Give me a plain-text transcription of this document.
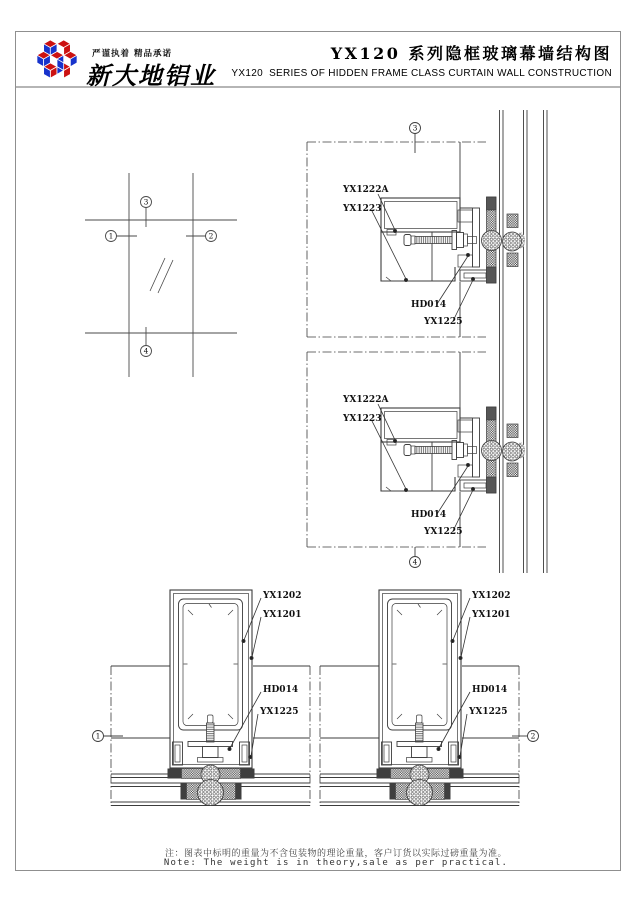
严谨执着 精品承诺
新大地铝业
YX120 系列隐框玻璃幕墙结构图
YX120  SERIES OF HIDDEN FRAME CLASS CURTAIN WALL CONSTRUCTION
注：图表中标明的重量为不含包装物的理论重量，客户订货以实际过磅重量为准。
Note: The weight is in theory,sale as per practical.
3
1	2
4
3
YX1222A
YX1223
HD014
YX1225
4
YX1222A
YX1223
HD014
YX1225
1
YX1202
YX1201
HD014
YX1225
2
YX1202
YX1201
HD014
YX1225
